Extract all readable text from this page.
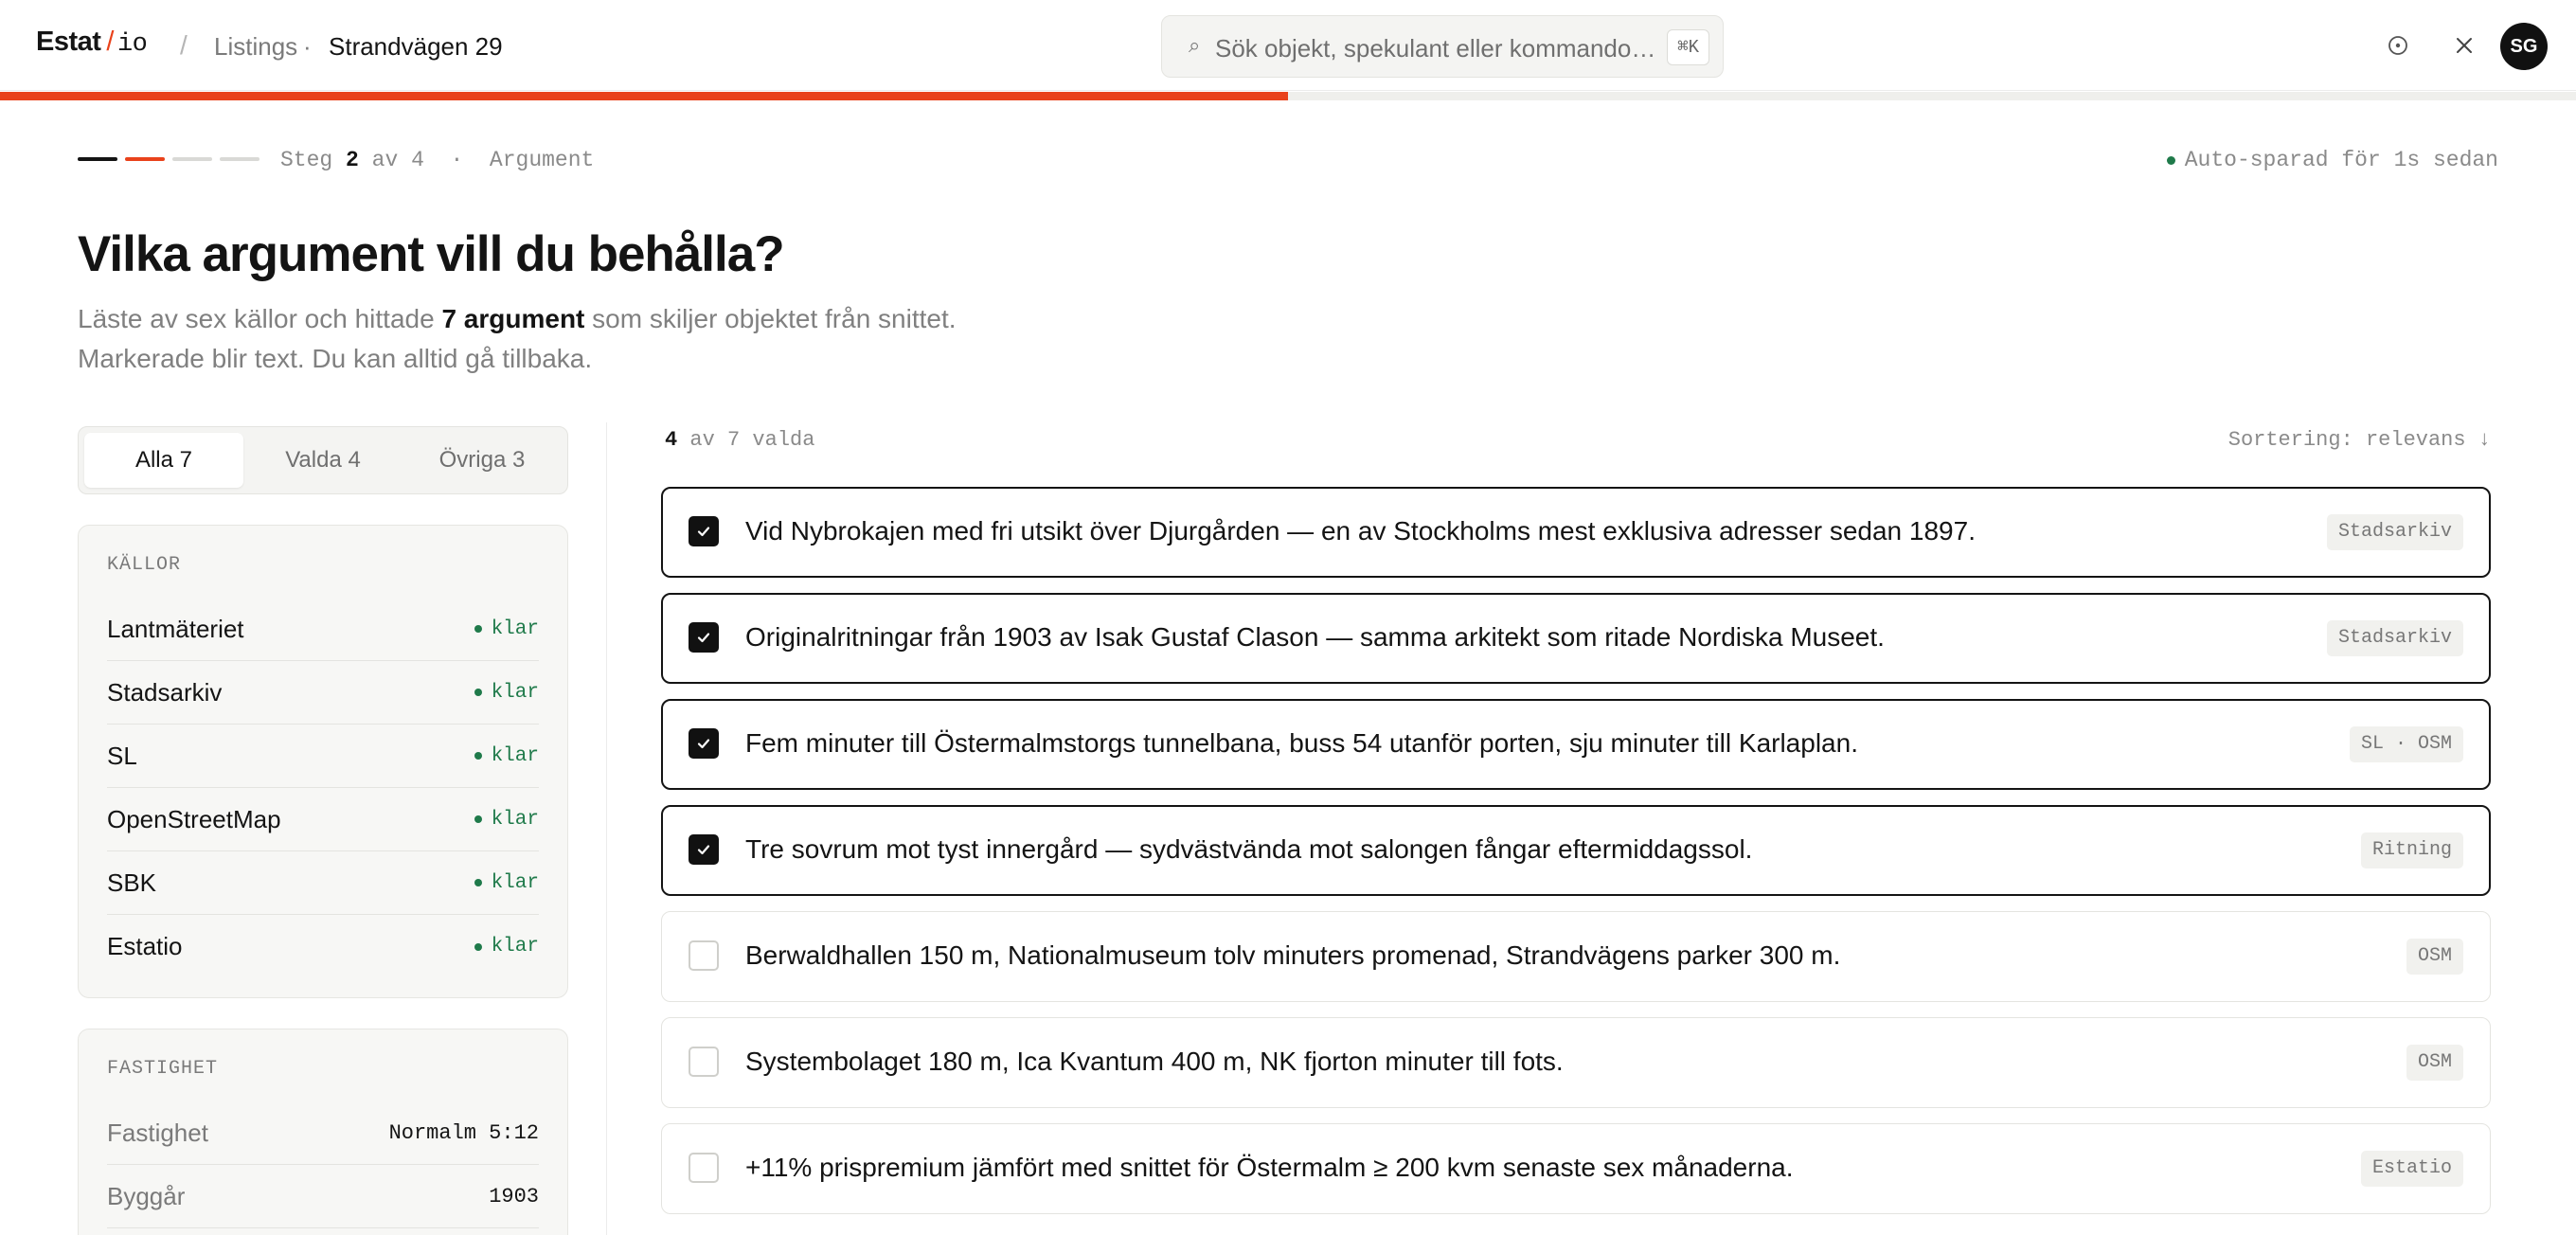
Estat / io / Listings · Strandvägen 29	⌕ Sök objekt, spekulant eller kommando…	⌘K	SG
Steg 2 av 4 · Argument	Auto-sparad för 1s sedan
Vilka argument vill du behålla?
Läste av sex källor och hittade 7 argument som skiljer objektet från snittet.
Markerade blir text. Du kan alltid gå tillbaka.
Alla 7	Valda 4	Övriga 3
KÄLLOR
Lantmäteriet	klar
Stadsarkiv	klar
SL	klar
OpenStreetMap	klar
SBK	klar
Estatio	klar
FASTIGHET
Fastighet	Normalm 5:12
Byggår	1903
4 av 7 valda	Sortering: relevans ↓
Vid Nybrokajen med fri utsikt över Djurgården — en av Stockholms mest exklusiva adresser sedan 1897.	Stadsarkiv
Originalritningar från 1903 av Isak Gustaf Clason — samma arkitekt som ritade Nordiska Museet.	Stadsarkiv
Fem minuter till Östermalmstorgs tunnelbana, buss 54 utanför porten, sju minuter till Karlaplan.	SL · OSM
Tre sovrum mot tyst innergård — sydvästvända mot salongen fångar eftermiddagssol.	Ritning
Berwaldhallen 150 m, Nationalmuseum tolv minuters promenad, Strandvägens parker 300 m.	OSM
Systembolaget 180 m, Ica Kvantum 400 m, NK fjorton minuter till fots.	OSM
+11% prispremium jämfört med snittet för Östermalm ≥ 200 kvm senaste sex månaderna.	Estatio
